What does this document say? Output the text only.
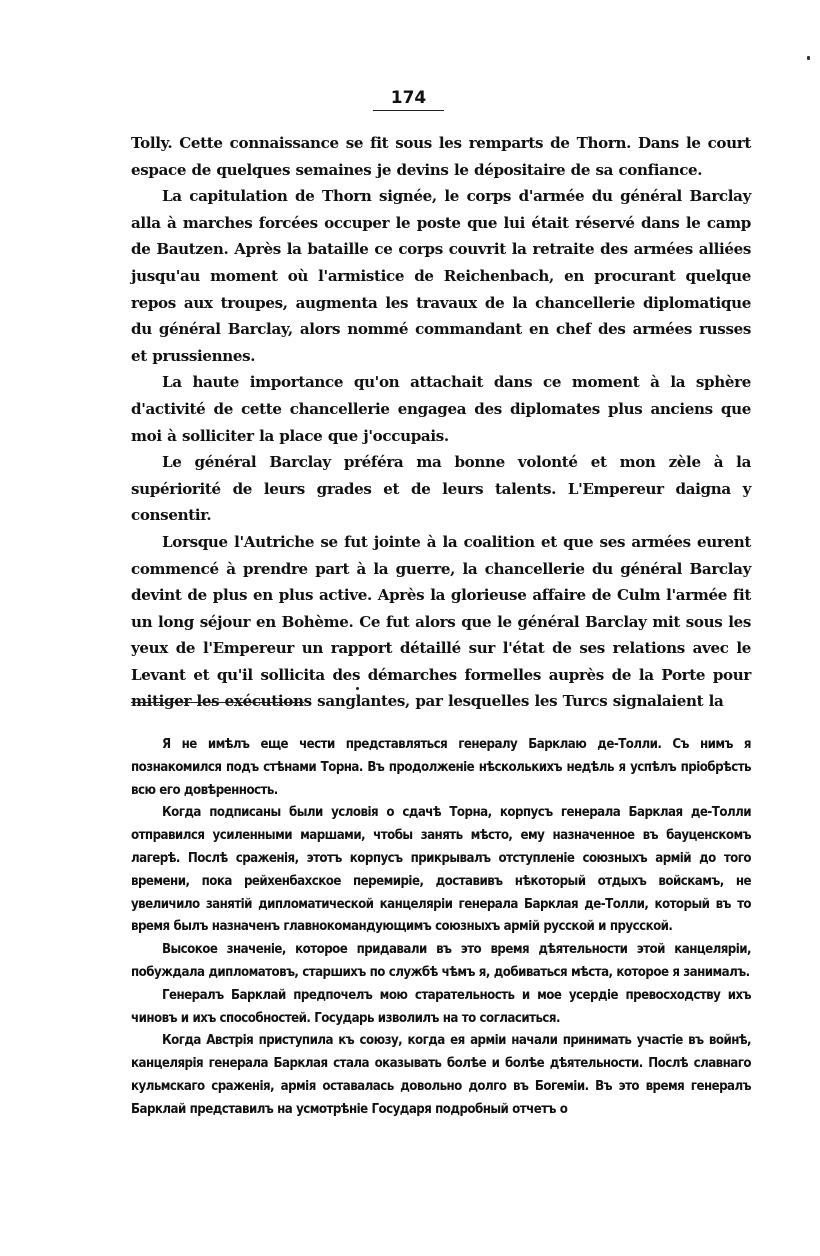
174

Tolly. Cette connaissance se fit sous les remparts de Thorn. Dans le court espace de quelques semaines je devins le dépositaire de sa confiance.

La capitulation de Thorn signée, le corps d'armée du général Barclay alla à marches forcées occuper le poste que lui était réservé dans le camp de Bautzen. Après la bataille ce corps couvrit la retraite des armées alliées jusqu'au moment où l'armistice de Reichenbach, en procurant quelque repos aux troupes, augmenta les travaux de la chancellerie diplomatique du général Barclay, alors nommé commandant en chef des armées russes et prussiennes.

La haute importance qu'on attachait dans ce moment à la sphère d'activité de cette chancellerie engagea des diplomates plus anciens que moi à solliciter la place que j'occupais.

Le général Barclay préféra ma bonne volonté et mon zèle à la supériorité de leurs grades et de leurs talents. L'Empereur daigna y consentir.

Lorsque l'Autriche se fut jointe à la coalition et que ses armées eurent commencé à prendre part à la guerre, la chancellerie du général Barclay devint de plus en plus active. Après la glorieuse affaire de Culm l'armée fit un long séjour en Bohème. Ce fut alors que le général Barclay mit sous les yeux de l'Empereur un rapport détaillé sur l'état de ses relations avec le Levant et qu'il sollicita des démarches formelles auprès de la Porte pour mitiger les exécutions sanglantes, par lesquelles les Turcs signalaient la

Я не имѣлъ еще чести представляться генералу Барклаю де-Толли. Съ нимъ я познакомился подъ стѣнами Торна. Въ продолженіе нѣсколькихъ недѣль я успѣлъ пріобрѣсть всю его довѣренность.

Когда подписаны были условія о сдачѣ Торна, корпусъ генерала Барклая де-Толли отправился усиленными маршами, чтобы занять мѣсто, ему назначенное въ бауценскомъ лагерѣ. Послѣ сраженія, этотъ корпусъ прикрывалъ отступленіе союзныхъ армій до того времени, пока рейхенбахское перемиріе, доставивъ нѣкоторый отдыхъ войскамъ, не увеличило занятій дипломатической канцеляріи генерала Барклая де-Толли, который въ то время былъ назначенъ главнокомандующимъ союзныхъ армій русской и прусской.

Высокое значеніе, которое придавали въ это время дѣятельности этой канцеляріи, побуждала дипломатовъ, старшихъ по службѣ чѣмъ я, добиваться мѣста, которое я занималъ.

Генералъ Барклай предпочелъ мою старательность и мое усердіе превосходству ихъ чиновъ и ихъ способностей. Государь изволилъ на то согласиться.

Когда Австрія приступила къ союзу, когда ея арміи начали принимать участіе въ войнѣ, канцелярія генерала Барклая стала оказывать болѣе и болѣе дѣятельности. Послѣ славнаго кульмскаго сраженія, армія оставалась довольно долго въ Богеміи. Въ это время генералъ Барклай представилъ на усмотрѣніе Государя подробный отчетъ о
